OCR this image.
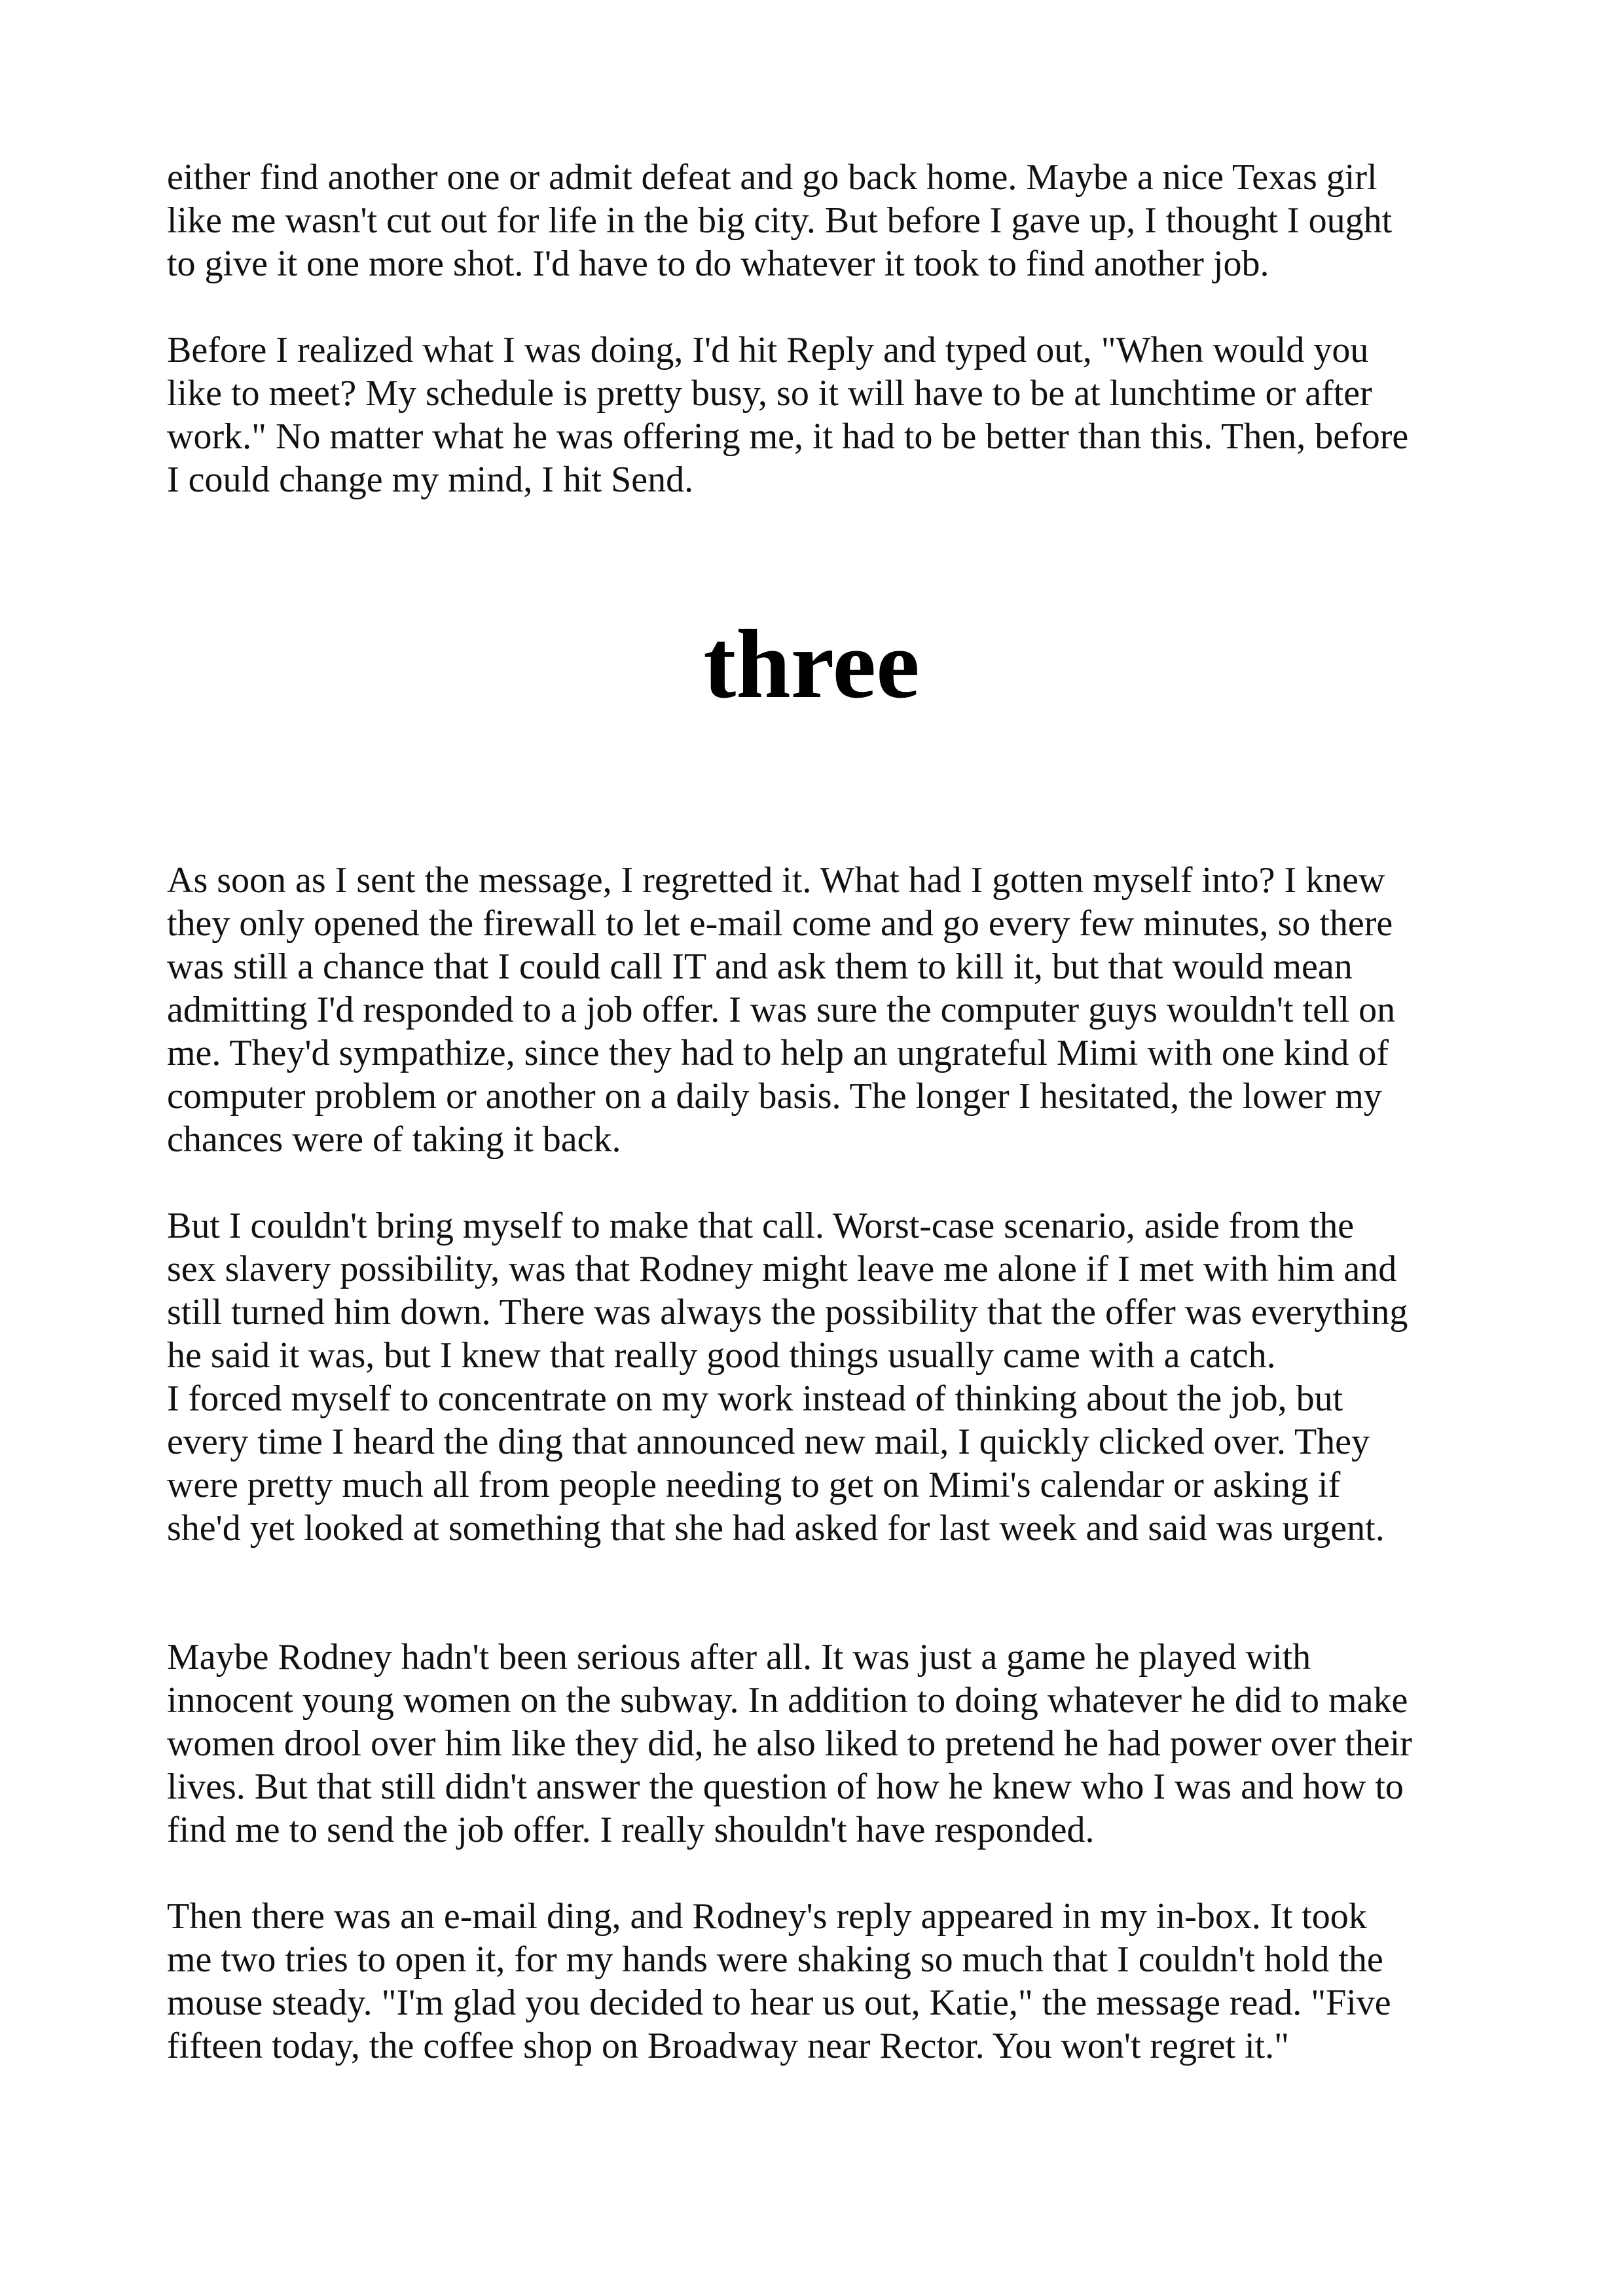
either find another one or admit defeat and go back home. Maybe a nice Texas girl
like me wasn't cut out for life in the big city. But before I gave up, I thought I ought
to give it one more shot. I'd have to do whatever it took to find another job.

Before I realized what I was doing, I'd hit Reply and typed out, "When would you
like to meet? My schedule is pretty busy, so it will have to be at lunchtime or after
work." No matter what he was offering me, it had to be better than this. Then, before
I could change my mind, I hit Send.

three

As soon as I sent the message, I regretted it. What had I gotten myself into? I knew
they only opened the firewall to let e-mail come and go every few minutes, so there
was still a chance that I could call IT and ask them to kill it, but that would mean
admitting I'd responded to a job offer. I was sure the computer guys wouldn't tell on
me. They'd sympathize, since they had to help an ungrateful Mimi with one kind of
computer problem or another on a daily basis. The longer I hesitated, the lower my
chances were of taking it back.

But I couldn't bring myself to make that call. Worst-case scenario, aside from the
sex slavery possibility, was that Rodney might leave me alone if I met with him and
still turned him down. There was always the possibility that the offer was everything
he said it was, but I knew that really good things usually came with a catch.

I forced myself to concentrate on my work instead of thinking about the job, but
every time I heard the ding that announced new mail, I quickly clicked over. They
were pretty much all from people needing to get on Mimi's calendar or asking if
she'd yet looked at something that she had asked for last week and said was urgent.

Maybe Rodney hadn't been serious after all. It was just a game he played with
innocent young women on the subway. In addition to doing whatever he did to make
women drool over him like they did, he also liked to pretend he had power over their
lives. But that still didn't answer the question of how he knew who I was and how to
find me to send the job offer. I really shouldn't have responded.

Then there was an e-mail ding, and Rodney's reply appeared in my in-box. It took
me two tries to open it, for my hands were shaking so much that I couldn't hold the
mouse steady. "I'm glad you decided to hear us out, Katie," the message read. "Five
fifteen today, the coffee shop on Broadway near Rector. You won't regret it."
